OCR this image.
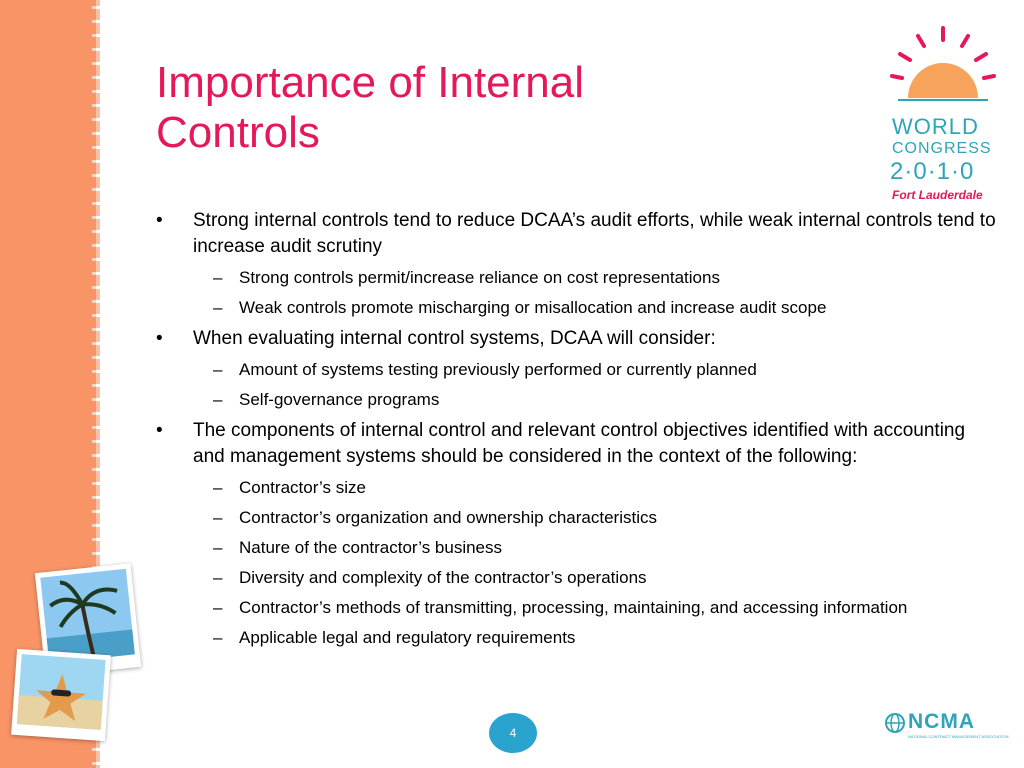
Importance of Internal
Controls	WORLD
CONGRESS
2·0·1·0
Fort Lauderdale
• Strong internal controls tend to reduce DCAA’s audit efforts, while weak internal controls tend to increase audit scrutiny
– Strong controls permit/increase reliance on cost representations
– Weak controls promote mischarging or misallocation and increase audit scope
• When evaluating internal control systems, DCAA will consider:
– Amount of systems testing previously performed or currently planned
– Self-governance programs
• The components of internal control and relevant control objectives identified with accounting and management systems should be considered in the context of the following:
– Contractor’s size
– Contractor’s organization and ownership characteristics
– Nature of the contractor’s business
– Diversity and complexity of the contractor’s operations
– Contractor’s methods of transmitting, processing, maintaining, and accessing information
– Applicable legal and regulatory requirements
4	NCMA
NATIONAL CONTRACT MANAGEMENT ASSOCIATION
